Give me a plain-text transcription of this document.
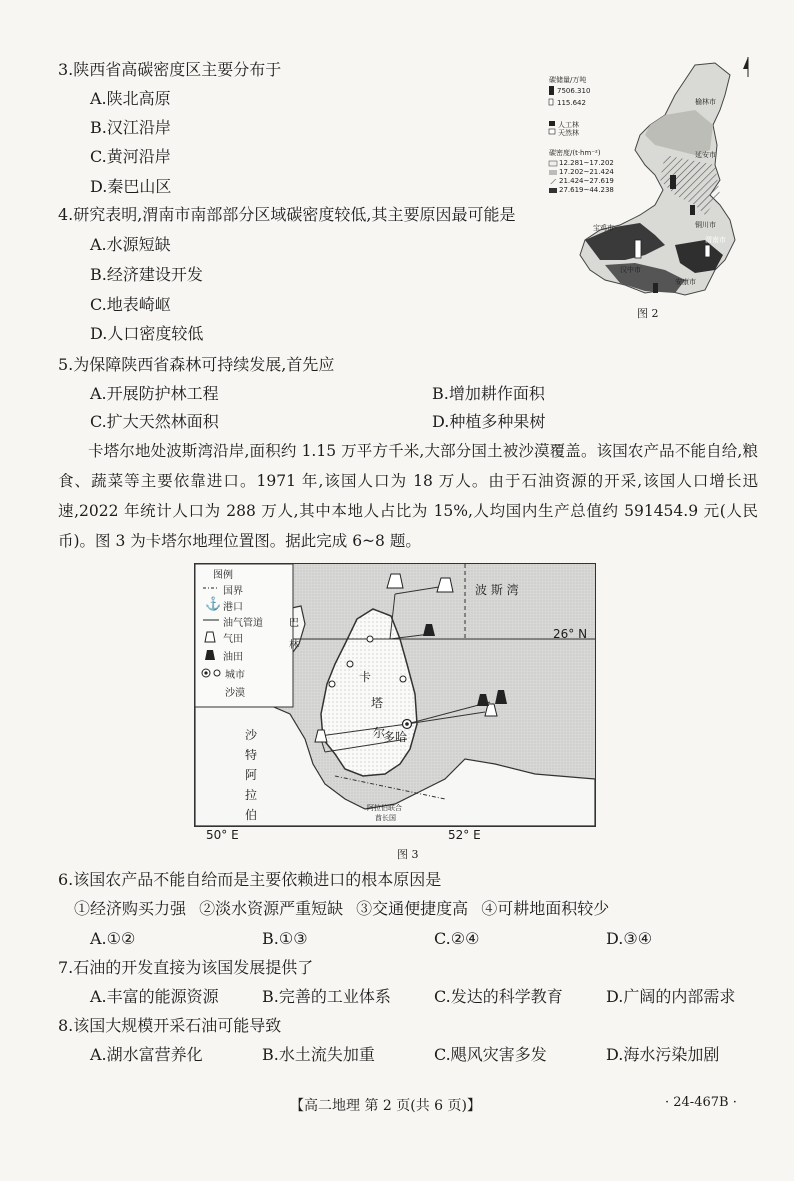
3.陕西省高碳密度区主要分布于
A.陕北高原
B.汉江沿岸
C.黄河沿岸
D.秦巴山区
4.研究表明,渭南市南部部分区域碳密度较低,其主要原因最可能是
A.水源短缺
B.经济建设开发
C.地表崎岖
D.人口密度较低
碳储量/万吨
7506.310
115.642
人工林
天然林
碳密度/(t·hm⁻²)
12.281~17.202
17.202~21.424
21.424~27.619
27.619~44.238
榆林市
延安市
铜川市
渭南市
宝鸡市
汉中市
安康市
图 2
5.为保障陕西省森林可持续发展,首先应
A.开展防护林工程	B.增加耕作面积
C.扩大天然林面积	D.种植多种果树
卡塔尔地处波斯湾沿岸,面积约 1.15 万平方千米,大部分国土被沙漠覆盖。该国农产品不能自给,粮食、蔬菜等主要依靠进口。1971 年,该国人口为 18 万人。由于石油资源的开采,该国人口增长迅速,2022 年统计人口为 288 万人,其中本地人占比为 15%,人均国内生产总值约 591454.9 元(人民币)。图 3 为卡塔尔地理位置图。据此完成 6~8 题。
⚓
图例
国界
港口
油气管道
气田
油田
城市
沙漠
波 斯 湾
26° N
巴
林
卡
塔
尔
多哈
沙
特
阿
拉
伯	阿拉伯联合
酋长国
50° E	52° E
图 3
6.该国农产品不能自给而是主要依赖进口的根本原因是
①经济购买力强 ②淡水资源严重短缺 ③交通便捷度高 ④可耕地面积较少
A.①②	B.①③	C.②④	D.③④
7.石油的开发直接为该国发展提供了
A.丰富的能源资源	B.完善的工业体系	C.发达的科学教育	D.广阔的内部需求
8.该国大规模开采石油可能导致
A.湖水富营养化	B.水土流失加重	C.飓风灾害多发	D.海水污染加剧
【高二地理 第 2 页(共 6 页)】	· 24-467B ·
